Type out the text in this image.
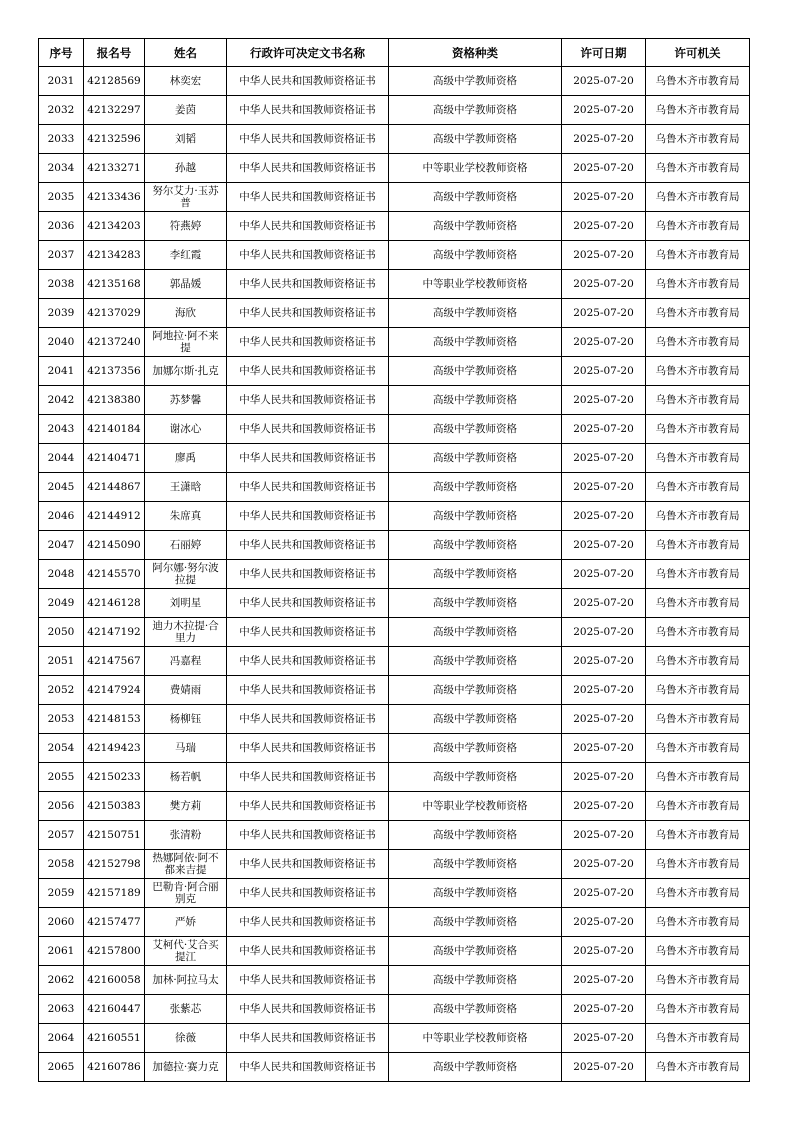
序号	报名号	姓名	行政许可决定文书名称	资格种类	许可日期	许可机关
2031	42128569	林奕宏	中华人民共和国教师资格证书	高级中学教师资格	2025-07-20	乌鲁木齐市教育局
2032	42132297	姜茵	中华人民共和国教师资格证书	高级中学教师资格	2025-07-20	乌鲁木齐市教育局
2033	42132596	刘韬	中华人民共和国教师资格证书	高级中学教师资格	2025-07-20	乌鲁木齐市教育局
2034	42133271	孙越	中华人民共和国教师资格证书	中等职业学校教师资格	2025-07-20	乌鲁木齐市教育局
2035	42133436	努尔艾力·玉苏普	中华人民共和国教师资格证书	高级中学教师资格	2025-07-20	乌鲁木齐市教育局
2036	42134203	符燕婷	中华人民共和国教师资格证书	高级中学教师资格	2025-07-20	乌鲁木齐市教育局
2037	42134283	李红霞	中华人民共和国教师资格证书	高级中学教师资格	2025-07-20	乌鲁木齐市教育局
2038	42135168	郭晶媛	中华人民共和国教师资格证书	中等职业学校教师资格	2025-07-20	乌鲁木齐市教育局
2039	42137029	海欣	中华人民共和国教师资格证书	高级中学教师资格	2025-07-20	乌鲁木齐市教育局
2040	42137240	阿地拉·阿不来提	中华人民共和国教师资格证书	高级中学教师资格	2025-07-20	乌鲁木齐市教育局
2041	42137356	加娜尔斯·扎克	中华人民共和国教师资格证书	高级中学教师资格	2025-07-20	乌鲁木齐市教育局
2042	42138380	苏梦馨	中华人民共和国教师资格证书	高级中学教师资格	2025-07-20	乌鲁木齐市教育局
2043	42140184	谢冰心	中华人民共和国教师资格证书	高级中学教师资格	2025-07-20	乌鲁木齐市教育局
2044	42140471	廖禹	中华人民共和国教师资格证书	高级中学教师资格	2025-07-20	乌鲁木齐市教育局
2045	42144867	王潇晗	中华人民共和国教师资格证书	高级中学教师资格	2025-07-20	乌鲁木齐市教育局
2046	42144912	朱席真	中华人民共和国教师资格证书	高级中学教师资格	2025-07-20	乌鲁木齐市教育局
2047	42145090	石丽婷	中华人民共和国教师资格证书	高级中学教师资格	2025-07-20	乌鲁木齐市教育局
2048	42145570	阿尔娜·努尔波拉提	中华人民共和国教师资格证书	高级中学教师资格	2025-07-20	乌鲁木齐市教育局
2049	42146128	刘明星	中华人民共和国教师资格证书	高级中学教师资格	2025-07-20	乌鲁木齐市教育局
2050	42147192	迪力木拉提·合里力	中华人民共和国教师资格证书	高级中学教师资格	2025-07-20	乌鲁木齐市教育局
2051	42147567	冯嘉程	中华人民共和国教师资格证书	高级中学教师资格	2025-07-20	乌鲁木齐市教育局
2052	42147924	费婧雨	中华人民共和国教师资格证书	高级中学教师资格	2025-07-20	乌鲁木齐市教育局
2053	42148153	杨柳钰	中华人民共和国教师资格证书	高级中学教师资格	2025-07-20	乌鲁木齐市教育局
2054	42149423	马瑞	中华人民共和国教师资格证书	高级中学教师资格	2025-07-20	乌鲁木齐市教育局
2055	42150233	杨若帆	中华人民共和国教师资格证书	高级中学教师资格	2025-07-20	乌鲁木齐市教育局
2056	42150383	樊方莉	中华人民共和国教师资格证书	中等职业学校教师资格	2025-07-20	乌鲁木齐市教育局
2057	42150751	张清粉	中华人民共和国教师资格证书	高级中学教师资格	2025-07-20	乌鲁木齐市教育局
2058	42152798	热娜阿依·阿不都来吉提	中华人民共和国教师资格证书	高级中学教师资格	2025-07-20	乌鲁木齐市教育局
2059	42157189	巴勒肯·阿合丽别克	中华人民共和国教师资格证书	高级中学教师资格	2025-07-20	乌鲁木齐市教育局
2060	42157477	严娇	中华人民共和国教师资格证书	高级中学教师资格	2025-07-20	乌鲁木齐市教育局
2061	42157800	艾柯代·艾合买提江	中华人民共和国教师资格证书	高级中学教师资格	2025-07-20	乌鲁木齐市教育局
2062	42160058	加林·阿拉马太	中华人民共和国教师资格证书	高级中学教师资格	2025-07-20	乌鲁木齐市教育局
2063	42160447	张紫芯	中华人民共和国教师资格证书	高级中学教师资格	2025-07-20	乌鲁木齐市教育局
2064	42160551	徐薇	中华人民共和国教师资格证书	中等职业学校教师资格	2025-07-20	乌鲁木齐市教育局
2065	42160786	加德拉·赛力克	中华人民共和国教师资格证书	高级中学教师资格	2025-07-20	乌鲁木齐市教育局
